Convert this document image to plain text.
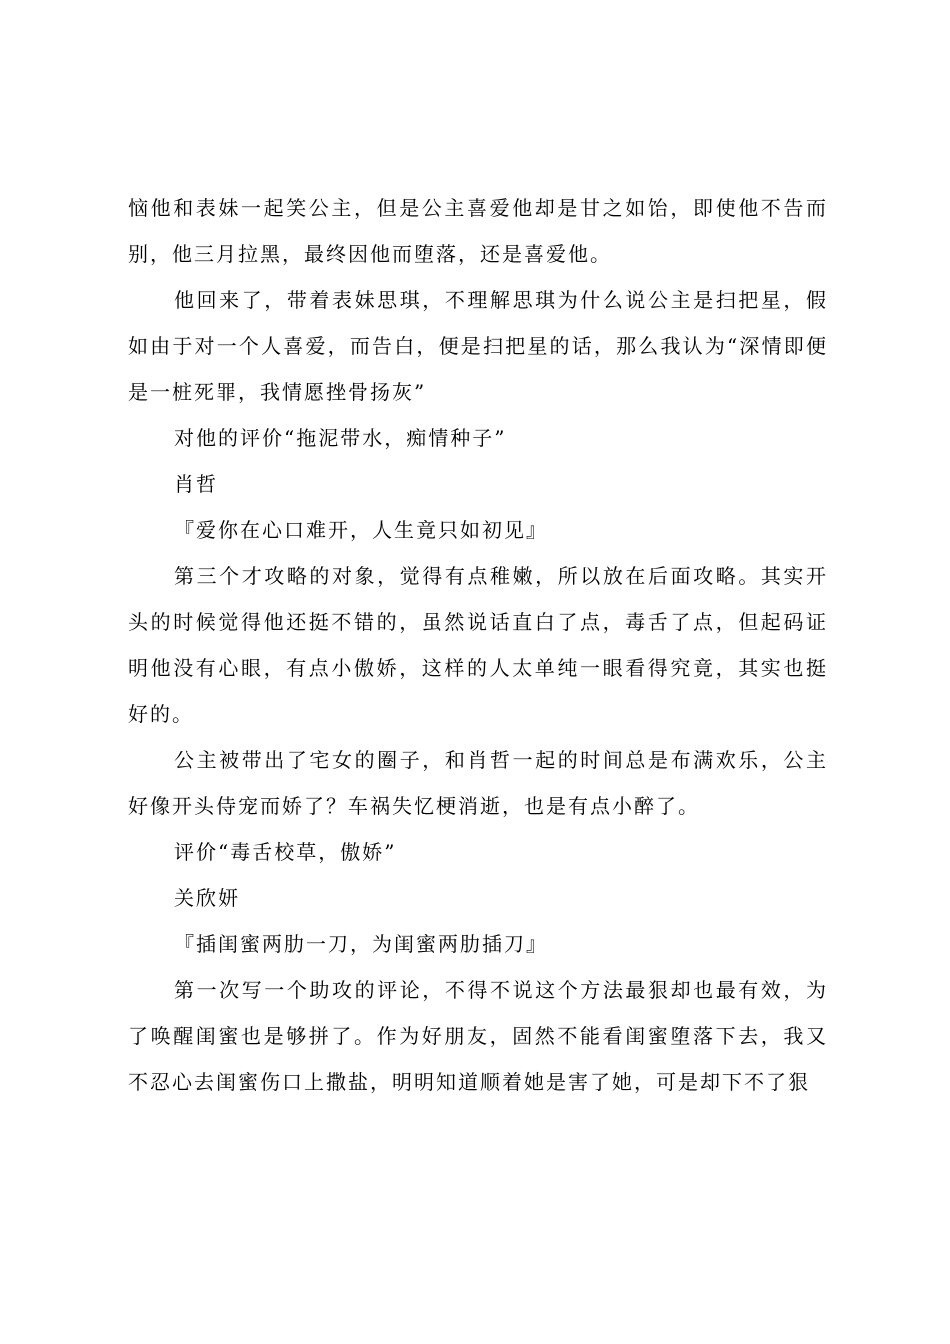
恼他和表妹一起笑公主，但是公主喜爱他却是甘之如饴，即使他不告而别，他三月拉黑，最终因他而堕落，还是喜爱他。

他回来了，带着表妹思琪，不理解思琪为什么说公主是扫把星，假如由于对一个人喜爱，而告白，便是扫把星的话，那么我认为“深情即便是一桩死罪，我情愿挫骨扬灰”

对他的评价“拖泥带水，痴情种子”

肖哲

『爱你在心口难开，人生竟只如初见』

第三个才攻略的对象，觉得有点稚嫩，所以放在后面攻略。其实开头的时候觉得他还挺不错的，虽然说话直白了点，毒舌了点，但起码证明他没有心眼，有点小傲娇，这样的人太单纯一眼看得究竟，其实也挺好的。

公主被带出了宅女的圈子，和肖哲一起的时间总是布满欢乐，公主好像开头侍宠而娇了？车祸失忆梗消逝，也是有点小醉了。

评价“毒舌校草，傲娇”

关欣妍

『插闺蜜两肋一刀，为闺蜜两肋插刀』

第一次写一个助攻的评论，不得不说这个方法最狠却也最有效，为了唤醒闺蜜也是够拼了。作为好朋友，固然不能看闺蜜堕落下去，我又不忍心去闺蜜伤口上撒盐，明明知道顺着她是害了她，可是却下不了狠
